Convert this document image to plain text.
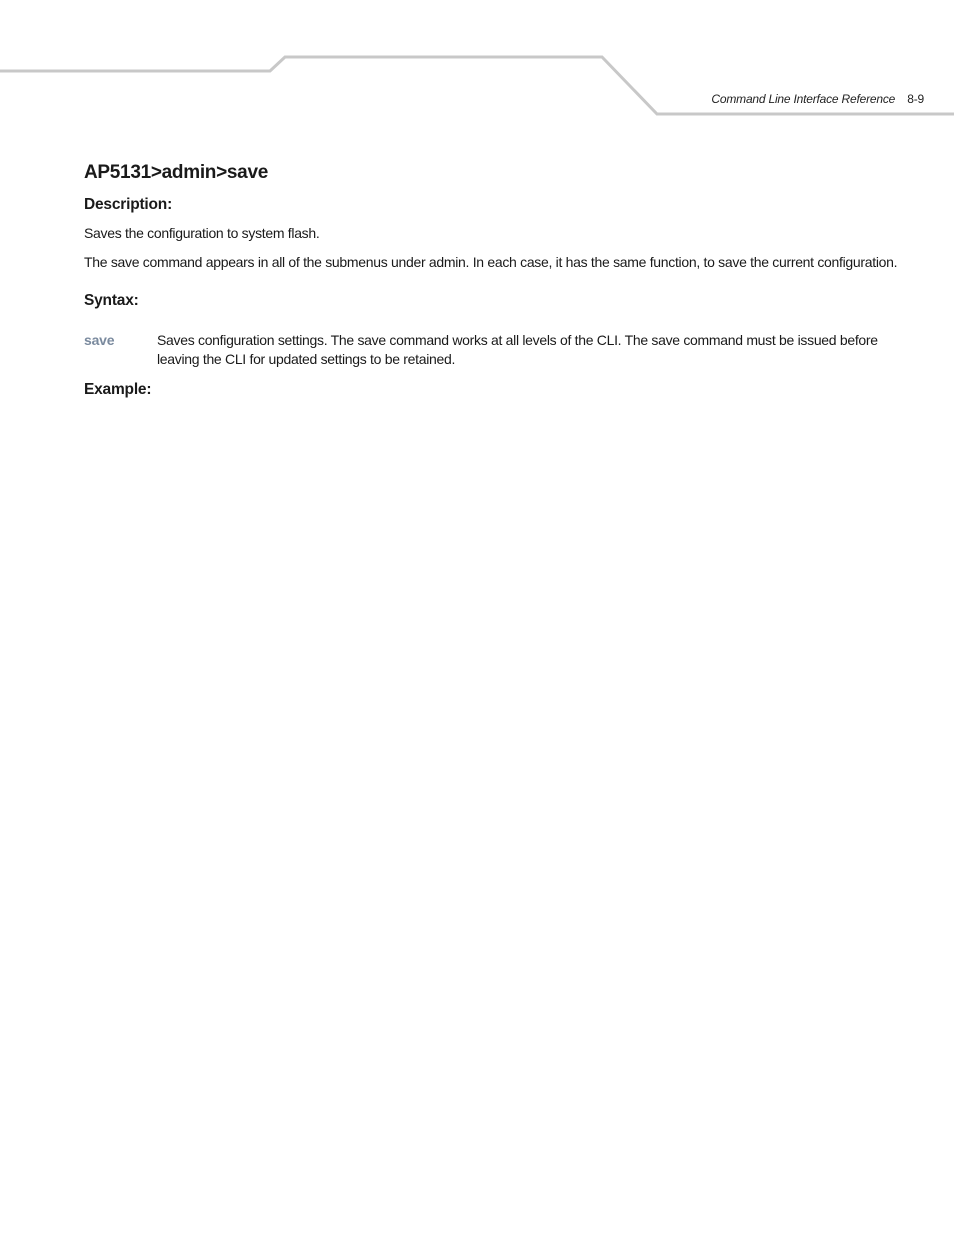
Command Line Interface Reference 8-9
AP5131>admin>save
Description:

Saves the configuration to system flash.

The save command appears in all of the submenus under admin. In each case, it has the same function, to save the current configuration.

Syntax:
save	Saves configuration settings. The save command works at all levels of the CLI. The save command must be issued before leaving the CLI for updated settings to be retained.
Example:
